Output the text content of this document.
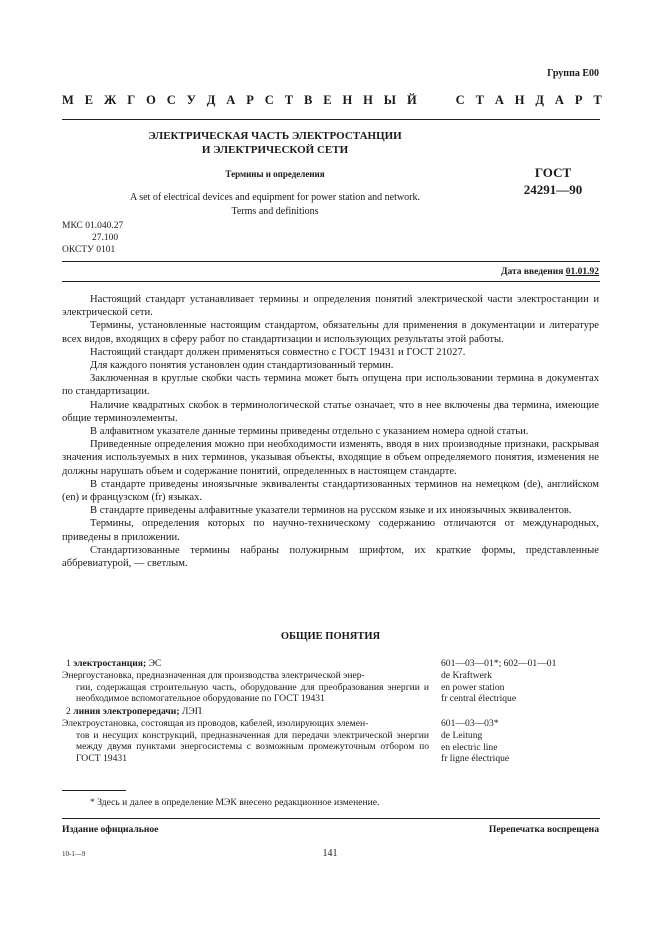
Группа Е00
М Е Ж Г О С У Д А Р С Т В Е Н Н Ы Й

	С Т А Н Д А Р Т
ЭЛЕКТРИЧЕСКАЯ ЧАСТЬ ЭЛЕКТРОСТАНЦИИ
И ЭЛЕКТРИЧЕСКОЙ СЕТИ
Термины и определения	ГОСТ
24291—90
A set of electrical devices and equipment for power station and network.
Terms and definitions
МКС 01.040.27
27.100
ОКСТУ 0101
Дата введения 01.01.92

Настоящий стандарт устанавливает термины и определения понятий электрической части электростанции и электрической сети.

Термины, установленные настоящим стандартом, обязательны для применения в документации и литературе всех видов, входящих в сферу работ по стандартизации и использующих результаты этой работы.

Настоящий стандарт должен применяться совместно с ГОСТ 19431 и ГОСТ 21027.

Для каждого понятия установлен один стандартизованный термин.

Заключенная в круглые скобки часть термина может быть опущена при использовании термина в документах по стандартизации.

Наличие квадратных скобок в терминологической статье означает, что в нее включены два термина, имеющие общие терминоэлементы.

В алфавитном указателе данные термины приведены отдельно с указанием номера одной статьи.

Приведенные определения можно при необходимости изменять, вводя в них производные признаки, раскрывая значения используемых в них терминов, указывая объекты, входящие в объем определяемого понятия, изменения не должны нарушать объем и содержание понятий, определенных в настоящем стандарте.

В стандарте приведены иноязычные эквиваленты стандартизованных терминов на немецком (de), английском (en) и французском (fr) языках.

В стандарте приведены алфавитные указатели терминов на русском языке и их иноязычных эквивалентов.

Термины, определения которых по научно-техническому содержанию отличаются от международных, приведены в приложении.

Стандартизованные термины набраны полужирным шрифтом, их краткие формы, представленные аббревиатурой, — светлым.

ОБЩИЕ ПОНЯТИЯ
1 электростанция; ЭС
Энергоустановка, предназначенная для производства электрической энер-
гии, содержащая строительную часть, оборудование для преобразования энергии и необходимое вспомогательное оборудование по ГОСТ 19431
601—03—01*; 602—01—01
de Kraftwerk
en power station
fr central électrique
2 линия электропередачи; ЛЭП
Электроустановка, состоящая из проводов, кабелей, изолирующих элемен-
тов и несущих конструкций, предназначенная для передачи электрической энергии между двумя пунктами энергосистемы с возможным промежуточным отбором по ГОСТ 19431
601—03—03*
de Leitung
en electric line
fr ligne électrique
* Здесь и далее в определение МЭК внесено редакционное изменение.
Издание официальное	Перепечатка воспрещена
10-1—9	141
